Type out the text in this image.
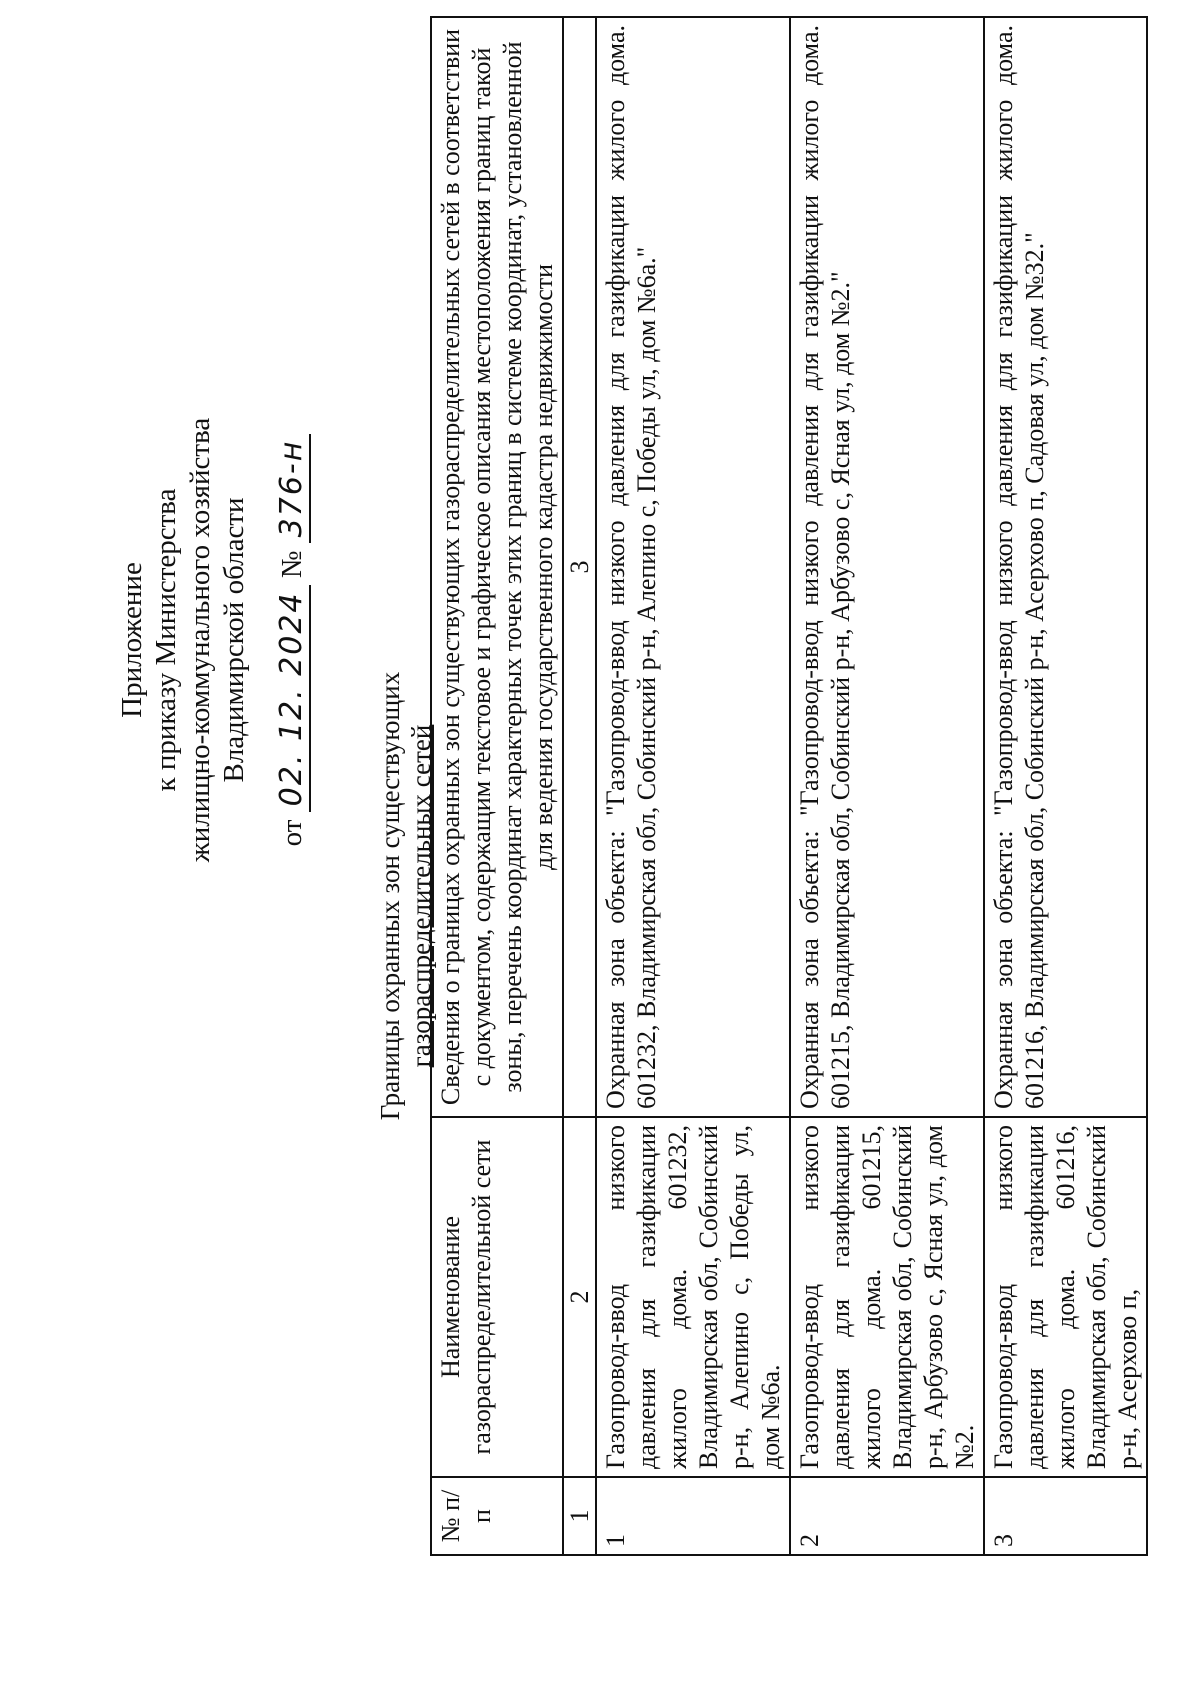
Приложение к приказу Министерства жилищно-коммунального хозяйства Владимирской области
от 02. 12. 2024 № 376-н
Границы охранных зон существующих газораспределительных сетей
№ п/п	Наименование газораспределительной сети	Сведения о границах охранных зон существующих газораспределительных сетей в соответствии с документом, содержащим текстовое и графическое описания местоположения границ такой зоны, перечень координат характерных точек этих границ в системе координат, установленной для ведения государственного кадастра недвижимости
1	2	3
1	Газопровод-ввод низкого давления для газификации жилого дома. 601232, Владимирская обл, Собинский р-н, Алепино с, Победы ул, дом №6а.	Охранная зона объекта: "Газопровод-ввод низкого давления для газификации жилого дома. 601232, Владимирская обл, Собинский р-н, Алепино с, Победы ул, дом №6а."
2	Газопровод-ввод низкого давления для газификации жилого дома. 601215, Владимирская обл, Собинский р-н, Арбузово с, Ясная ул, дом №2.	Охранная зона объекта: "Газопровод-ввод низкого давления для газификации жилого дома. 601215, Владимирская обл, Собинский р-н, Арбузово с, Ясная ул, дом №2."
3	Газопровод-ввод низкого давления для газификации жилого дома. 601216, Владимирская обл, Собинский р-н, Асерхово п,	Охранная зона объекта: "Газопровод-ввод низкого давления для газификации жилого дома. 601216, Владимирская обл, Собинский р-н, Асерхово п, Садовая ул, дом №32."
